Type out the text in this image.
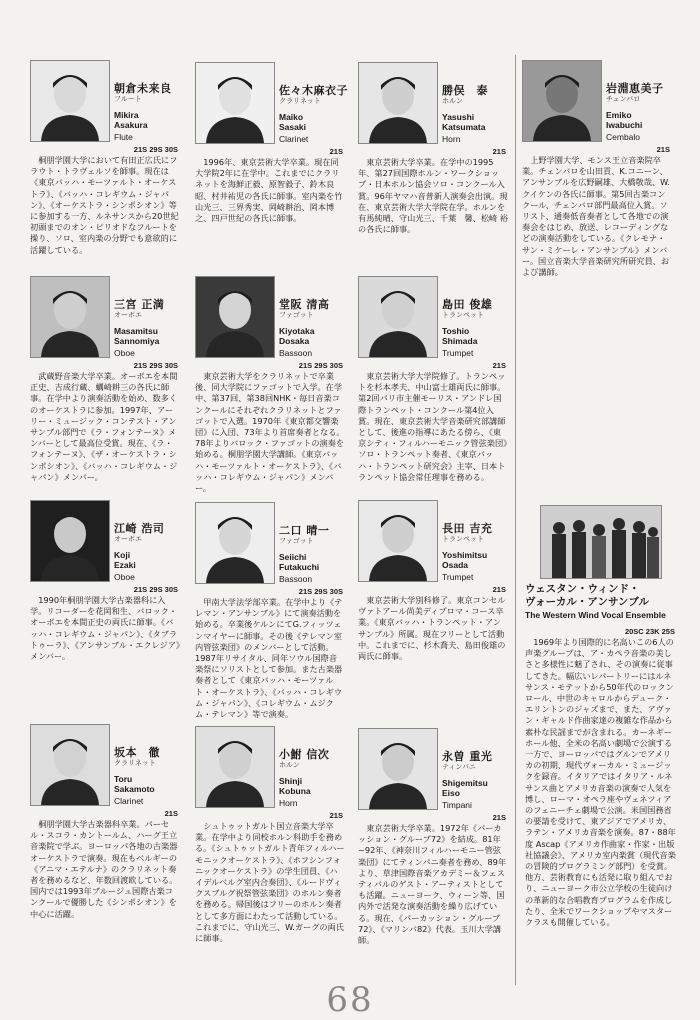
朝倉未来良
フルート
Mikira
Asakura
Flute
21S 29S 30S
桐朋学園大学において有田正広氏にフラウト・トラヴェルソを師事。現在は《東京バッハ・モーツァルト・オーケストラ》、《バッハ・コレギウム・ジャパン》、《オーケストラ・シンポシオン》等に参加する一方、ルネサンスから20世紀初頭までのオン・ピリオドなフルートを操り、ソロ、室内楽の分野でも意欲的に活躍している。
佐々木麻衣子
クラリネット
Maiko
Sasaki
Clarinet
21S
1996年、東京芸術大学卒業。現在同大学院2年に在学中。これまでにクラリネットを海鮮正毅、原智毅子、鈴木良昭、村井祐児の各氏に師事。室内楽を竹山光三、三界秀実、岡崎耕治、岡本博之、四戸世紀の各氏に師事。
勝俣　泰
ホルン
Yasushi
Katsumata
Horn
21S
東京芸術大学卒業。在学中の1995年、第27回国際ホルン・ワークショップ・日本ホルン協会ソロ・コンクール入賞。96年ヤマハ音普新人演奏会出演。現在、東京芸術大学大学院在学。ホルンを有馬純晴、守山光三、千葉　馨、松崎 裕の各氏に師事。
岩淵恵美子
チェンバロ
Emiko
Iwabuchi
Cembalo
21S
上野学園大学、モンス王立音楽院卒業。チェンバロを山田貢、K.コニーン、アンサンブルを広野嗣雄、大橋敬哉、W.クイケンの各氏に師事。第5回古楽コンクール、チェンバロ部門最高位入賞。ソリスト、通奏低音奏者として各地での演奏会をはじめ、放送、レコーディングなどの演奏活動をしている。《クレモナ・サン・ミケーレ・アンサンブル》メンバー。国立音楽大学音楽研究所研究員、および講師。
三宮 正満
オーボエ
Masamitsu
Sannomiya
Oboe
21S 29S 30S
武蔵野音楽大学卒業。オーボエを本間正史、吉成行蔵、蠣崎耕三の各氏に師事。在学中より演奏活動を始め、数多くのオーケストラに参加。1997年、アーリー・ミュージック・コンテスト・アンサンブル部門で《ラ・フォンテーヌ》メンバーとして最高位受賞。現在、《ラ・フォンテーヌ》、《ザ・オーケストラ・シンポシオン》、《バッハ・コレギウム・ジャパン》メンバー。
堂阪 清高
ファゴット
Kiyotaka
Dosaka
Bassoon
21S 29S 30S
東京芸術大学をクラリネットで卒業後、同大学院にファゴットで入学。在学中、第37回、第38回NHK・毎日音楽コンクールにそれぞれクラリネットとファゴットで入選。1970年《東京都交響楽団》に入団、73年より首席奏者となる。78年よりバロック・ファゴットの演奏を始める。桐朋学園大学講師。《東京バッハ・モーツァルト・オーケストラ》、《バッハ・コレギウム・ジャパン》メンバー。
島田 俊雄
トランペット
Toshio
Shimada
Trumpet
21S
東京芸術大学大学院修了。トランペットを杉本孝夫、中山富士雄両氏に師事。第2回パリ市主催モーリス・アンドレ国際トランペット・コンクール第4位入賞。現在、東京芸術大学音楽研究部講師として、後進の指導にあたる傍ら、《東京シティ・フィルハーモニック管弦楽団》ソロ・トランペット奏者、《東京バッハ・トランペット研究会》主宰、日本トランペット協会常任理事を務める。
江崎 浩司
オーボエ
Koji
Ezaki
Oboe
21S 29S 30S
1990年桐朋学園大学古楽器科に入学。リコーダーを花岡和生、バロック・オーボエを本間正史の両氏に師事。《バッハ・コレギウム・ジャパン》、《タブラトゥーラ》、《アンサンブル・エクレジア》メンバー。
二口 晴一
ファゴット
Seiichi
Futakuchi
Bassoon
21S 29S 30S
甲南大学法学部卒業。在学中より《テレマン・アンサンブル》にて演奏活動を始める。卒業後ケルンにてG.フィッツェンマイヤーに師事。その後《テレマン室内管弦楽団》のメンバーとして活動。1987年リサイタル、同年ソウル国際音楽祭にソリストとして参加。また古楽器奏者として《東京バッハ・モーツァルト・オーケストラ》、《バッハ・コレギウム・ジャパン》、《コレギウム・ムジクム・テレマン》等で演奏。
長田 吉充
トランペット
Yoshimitsu
Osada
Trumpet
21S
東京芸術大学別科修了。東京コンセルヴァトアール尚美ディプロマ・コース卒業。《東京バッハ・トランペット・アンサンブル》所属。現在フリーとして活動中。これまでに、杉木喬夫、島田俊雄の両氏に師事。
坂本　徹
クラリネット
Toru
Sakamoto
Clarinet
21S
桐朋学園大学古楽器科卒業。パーセル・スコラ・カントールム、ハーグ王立音楽院で学ぶ。ヨーロッパ各地の古楽器オーケストラで演奏。現在もベルギーの《アニマ・エテルナ》のクラリネット奏者を務めるなど、年数回渡欧している。国内では1993年ブルージュ国際古楽コンクールで優勝した《シンポシオン》を中心に活躍。
小鮒 信次
ホルン
Shinji
Kobuna
Horn
21S
シュトゥットガルト国立音楽大学卒業。在学中より同校ホルン科助手を務める。《シュトゥットガルト青年フィルハーモニックオーケストラ》、《ホフシンフォニックオーケストラ》の学生団員、《ハイデルベルグ室内合奏団》、《ルードヴィクスブルグ祝祭管弦楽団》のホルン奏者を務める。帰国後はフリーのホルン奏者として多方面にわたって活動している。これまでに、守山光三、W.ガーグの両氏に師事。
永曽 重光
ティンパニ
Shigemitsu
Eiso
Timpani
21S
東京芸術大学卒業。1972年《パーカッション・グループ72》を結成。81年~92年、《神奈川フィルハーモニー管弦楽団》にてティンパニ奏者を務め、89年より、草津国際音楽アカデミー＆フェスティバルのゲスト・アーティストとしても活躍。ニューヨーク、ウィーン等、国内外で活発な演奏活動を繰り広げている。現在、《パーカッション・グループ72》、《マリンバ82》代表。玉川大学講師。
ウェスタン・ウィンド・
ヴォーカル・アンサンブル
The Western Wind Vocal Ensemble
20SC 23K 25S
1969年より国際的に名高いこの6人の声楽グループは、ア・カペラ音楽の美しさと多様性に魅了され、その演奏に従事してきた。幅広いレパートリーにはルネサンス・モテットから50年代のロックンロール、中世のキャロルからデューク・エリントンのジャズまで、また、アヴァン・ギャルド作曲家達の複雑な作品から素朴な民謡までが含まれる。カーネギーホール他、全米の名高い劇場で公演する一方で、ヨーロッパではグルンでアメリカの初期、現代ヴォーカル・ミュージックを録音。イタリアではイタリア・ルネサンス曲とアメリカ音楽の演奏で人気を博し、ローマ・オペラ座やヴェネツィアのフェニーチェ劇場で公演。米国国務省の要請を受けて、東アジアでアメリカ、ラテン・アメリカ音楽を演奏。87・88年度 Ascap《アメリカ作曲家・作家・出版社協議会》、アメリカ室内楽賞（現代音楽の冒険的プログラミング部門）を受賞。他方、芸術教育にも活発に取り組んでおり、ニューヨーク市公立学校の生徒向けの革新的な合唱教育プログラムを作成したり、全米でワークショップやマスタークラスも開催している。
68
